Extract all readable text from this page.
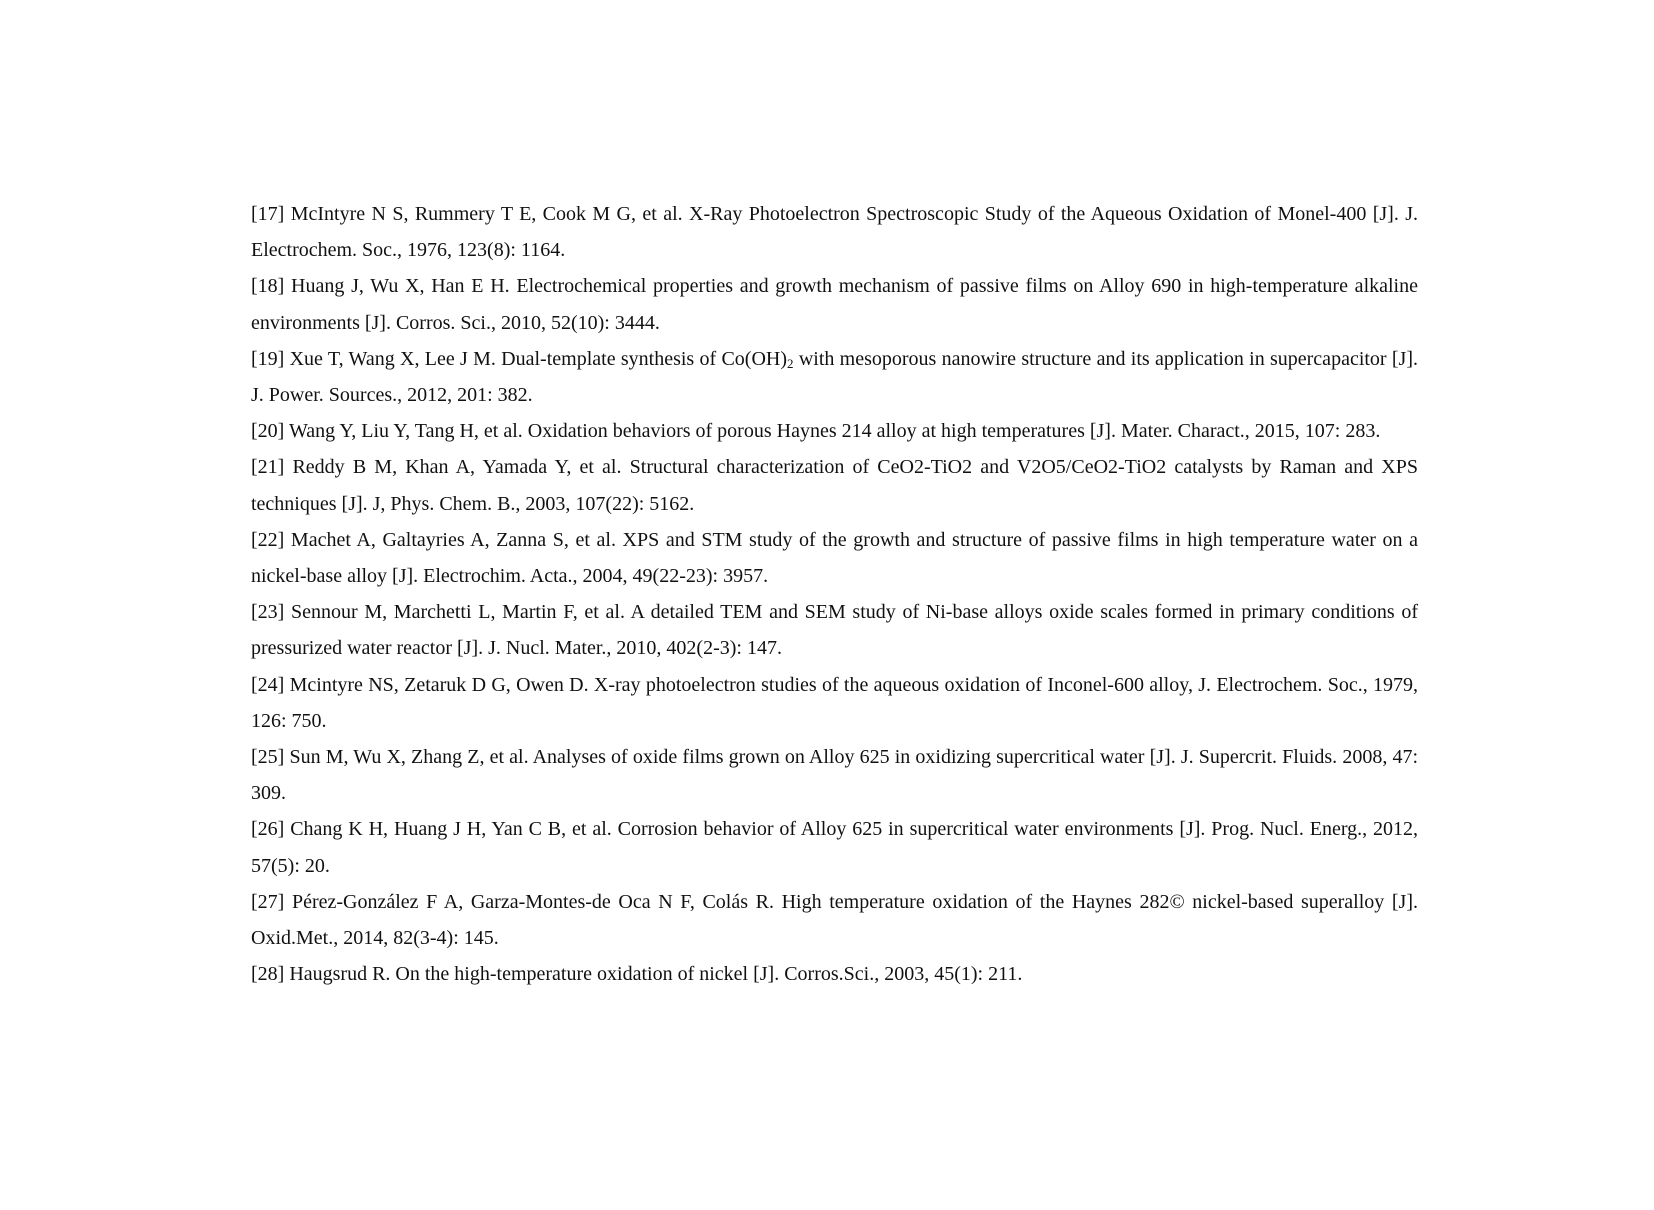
[17] McIntyre N S, Rummery T E, Cook M G, et al. X‐Ray Photoelectron Spectroscopic Study of the Aqueous Oxidation of Monel-400 [J]. J. Electrochem. Soc., 1976, 123(8): 1164.

[18] Huang J, Wu X, Han E H. Electrochemical properties and growth mechanism of passive films on Alloy 690 in high-temperature alkaline environments [J]. Corros. Sci., 2010, 52(10): 3444.

[19] Xue T, Wang X, Lee J M. Dual-template synthesis of $Co(OH)_2$ with mesoporous nanowire structure and its application in supercapacitor [J]. J. Power. Sources., 2012, 201: 382.

[20] Wang Y, Liu Y, Tang H, et al. Oxidation behaviors of porous Haynes 214 alloy at high temperatures [J]. Mater. Charact., 2015, 107: 283.

[21] Reddy B M, Khan A, Yamada Y, et al. Structural characterization of CeO2-TiO2 and V2O5/CeO2-TiO2 catalysts by Raman and XPS techniques [J]. J, Phys. Chem. B., 2003, 107(22): 5162.

[22] Machet A, Galtayries A, Zanna S, et al. XPS and STM study of the growth and structure of passive films in high temperature water on a nickel-base alloy [J]. Electrochim. Acta., 2004, 49(22-23): 3957.

[23] Sennour M, Marchetti L, Martin F, et al. A detailed TEM and SEM study of Ni-base alloys oxide scales formed in primary conditions of pressurized water reactor [J]. J. Nucl. Mater., 2010, 402(2-3): 147.

[24] Mcintyre NS, Zetaruk D G, Owen D. X-ray photoelectron studies of the aqueous oxidation of Inconel-600 alloy, J. Electrochem. Soc., 1979, 126: 750.

[25] Sun M, Wu X, Zhang Z, et al. Analyses of oxide films grown on Alloy 625 in oxidizing supercritical water [J]. J. Supercrit. Fluids. 2008, 47: 309.

[26] Chang K H, Huang J H, Yan C B, et al. Corrosion behavior of Alloy 625 in supercritical water environments [J]. Prog. Nucl. Energ., 2012, 57(5): 20.

[27] Pérez-González F A, Garza-Montes-de Oca N F, Colás R. High temperature oxidation of the Haynes 282© nickel-based superalloy [J]. Oxid.Met., 2014, 82(3-4): 145.

[28] Haugsrud R. On the high-temperature oxidation of nickel [J]. Corros.Sci., 2003, 45(1): 211.
